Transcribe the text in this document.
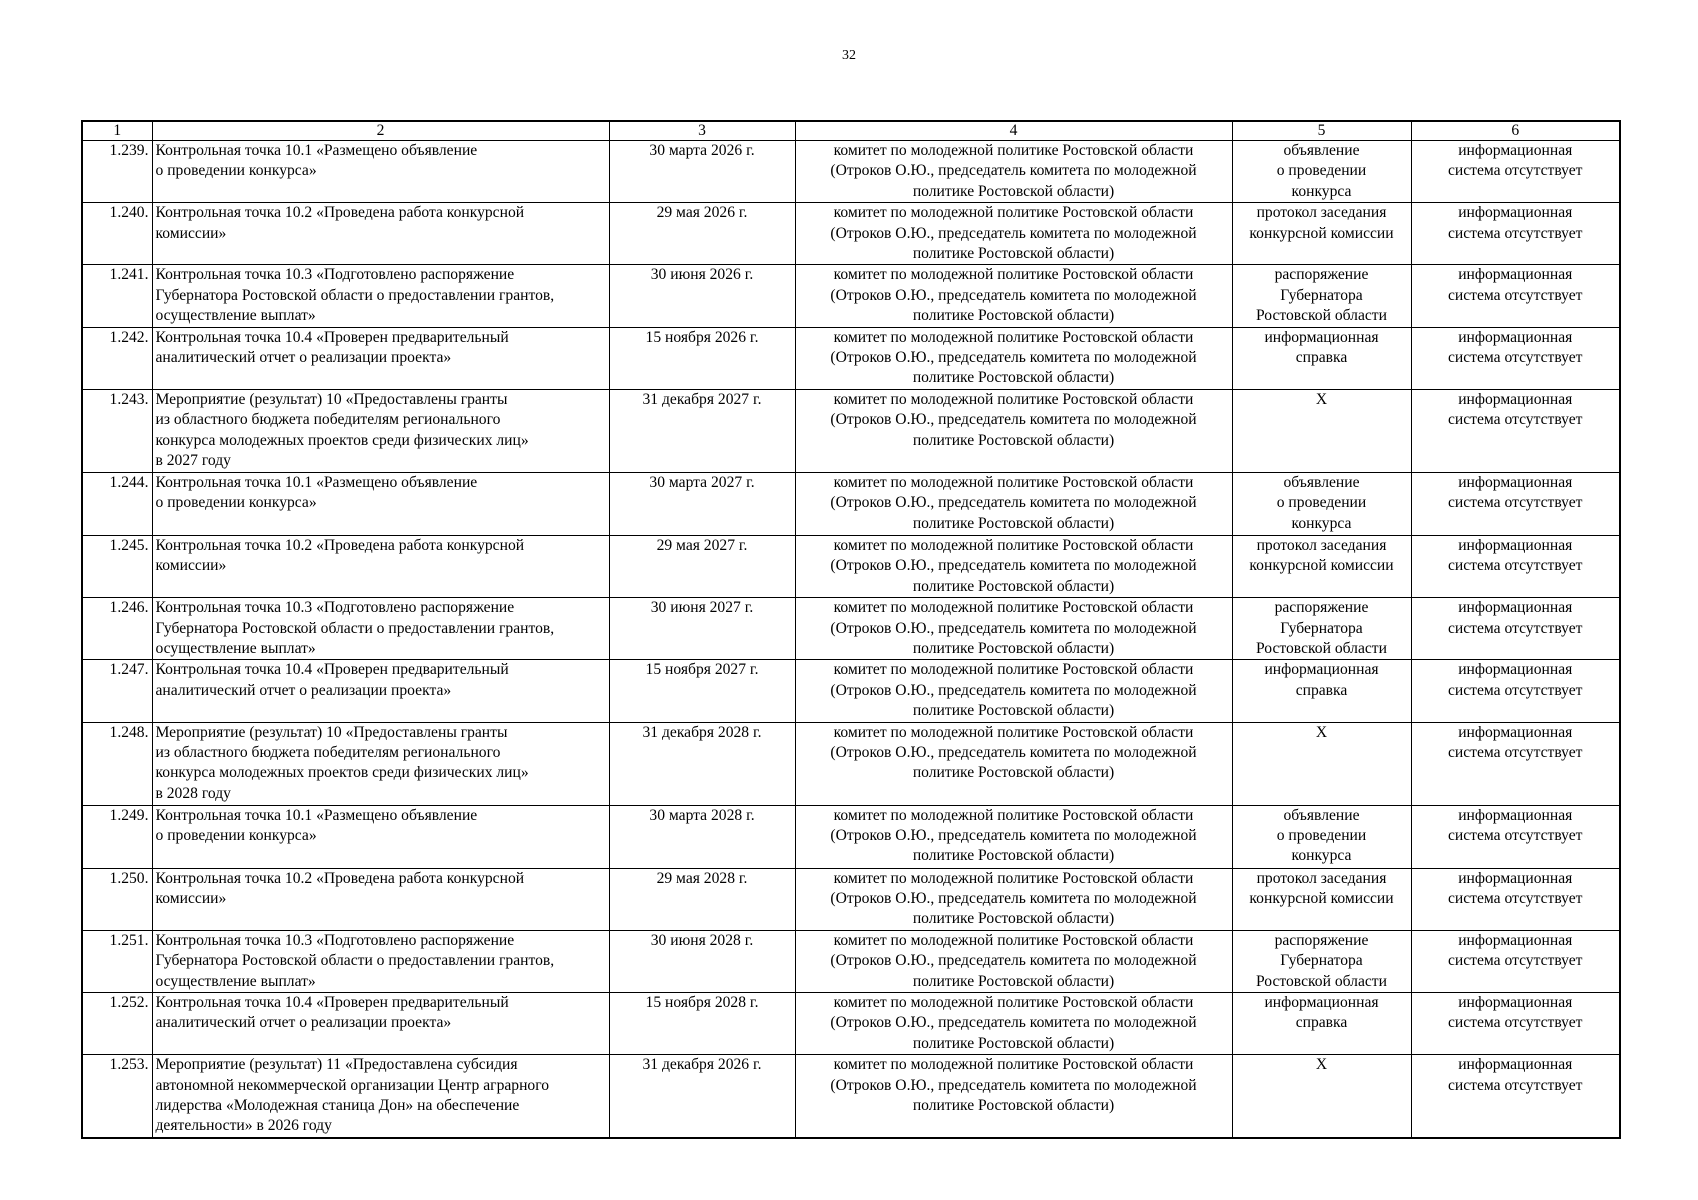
32
1	2	3	4	5	6
1.239.	Контрольная точка 10.1 «Размещено объявление
о проведении конкурса»	30 марта 2026 г.	комитет по молодежной политике Ростовской области
(Отроков О.Ю., председатель комитета по молодежной
политике Ростовской области)	объявление
о проведении
конкурса	информационная
система отсутствует

1.240.	Контрольная точка 10.2 «Проведена работа конкурсной
комиссии»	29 мая 2026 г.	комитет по молодежной политике Ростовской области
(Отроков О.Ю., председатель комитета по молодежной
политике Ростовской области)	протокол заседания
конкурсной комиссии	информационная
система отсутствует

1.241.	Контрольная точка 10.3 «Подготовлено распоряжение
Губернатора Ростовской области о предоставлении грантов,
осуществление выплат»	30 июня 2026 г.	комитет по молодежной политике Ростовской области
(Отроков О.Ю., председатель комитета по молодежной
политике Ростовской области)	распоряжение
Губернатора
Ростовской области	информационная
система отсутствует

1.242.	Контрольная точка 10.4 «Проверен предварительный
аналитический отчет о реализации проекта»	15 ноября 2026 г.	комитет по молодежной политике Ростовской области
(Отроков О.Ю., председатель комитета по молодежной
политике Ростовской области)	информационная
справка	информационная
система отсутствует

1.243.	Мероприятие (результат) 10 «Предоставлены гранты
из областного бюджета победителям регионального
конкурса молодежных проектов среди физических лиц»
в 2027 году	31 декабря 2027 г.	комитет по молодежной политике Ростовской области
(Отроков О.Ю., председатель комитета по молодежной
политике Ростовской области)	X	информационная
система отсутствует

1.244.	Контрольная точка 10.1 «Размещено объявление
о проведении конкурса»	30 марта 2027 г.	комитет по молодежной политике Ростовской области
(Отроков О.Ю., председатель комитета по молодежной
политике Ростовской области)	объявление
о проведении
конкурса	информационная
система отсутствует

1.245.	Контрольная точка 10.2 «Проведена работа конкурсной
комиссии»	29 мая 2027 г.	комитет по молодежной политике Ростовской области
(Отроков О.Ю., председатель комитета по молодежной
политике Ростовской области)	протокол заседания
конкурсной комиссии	информационная
система отсутствует

1.246.	Контрольная точка 10.3 «Подготовлено распоряжение
Губернатора Ростовской области о предоставлении грантов,
осуществление выплат»	30 июня 2027 г.	комитет по молодежной политике Ростовской области
(Отроков О.Ю., председатель комитета по молодежной
политике Ростовской области)	распоряжение
Губернатора
Ростовской области	информационная
система отсутствует

1.247.	Контрольная точка 10.4 «Проверен предварительный
аналитический отчет о реализации проекта»	15 ноября 2027 г.	комитет по молодежной политике Ростовской области
(Отроков О.Ю., председатель комитета по молодежной
политике Ростовской области)	информационная
справка	информационная
система отсутствует

1.248.	Мероприятие (результат) 10 «Предоставлены гранты
из областного бюджета победителям регионального
конкурса молодежных проектов среди физических лиц»
в 2028 году	31 декабря 2028 г.	комитет по молодежной политике Ростовской области
(Отроков О.Ю., председатель комитета по молодежной
политике Ростовской области)	X	информационная
система отсутствует

1.249.	Контрольная точка 10.1 «Размещено объявление
о проведении конкурса»	30 марта 2028 г.	комитет по молодежной политике Ростовской области
(Отроков О.Ю., председатель комитета по молодежной
политике Ростовской области)	объявление
о проведении
конкурса	информационная
система отсутствует

1.250.	Контрольная точка 10.2 «Проведена работа конкурсной
комиссии»	29 мая 2028 г.	комитет по молодежной политике Ростовской области
(Отроков О.Ю., председатель комитета по молодежной
политике Ростовской области)	протокол заседания
конкурсной комиссии	информационная
система отсутствует

1.251.	Контрольная точка 10.3 «Подготовлено распоряжение
Губернатора Ростовской области о предоставлении грантов,
осуществление выплат»	30 июня 2028 г.	комитет по молодежной политике Ростовской области
(Отроков О.Ю., председатель комитета по молодежной
политике Ростовской области)	распоряжение
Губернатора
Ростовской области	информационная
система отсутствует

1.252.	Контрольная точка 10.4 «Проверен предварительный
аналитический отчет о реализации проекта»	15 ноября 2028 г.	комитет по молодежной политике Ростовской области
(Отроков О.Ю., председатель комитета по молодежной
политике Ростовской области)	информационная
справка	информационная
система отсутствует

1.253.	Мероприятие (результат) 11 «Предоставлена субсидия
автономной некоммерческой организации Центр аграрного
лидерства «Молодежная станица Дон» на обеспечение
деятельности» в 2026 году	31 декабря 2026 г.	комитет по молодежной политике Ростовской области
(Отроков О.Ю., председатель комитета по молодежной
политике Ростовской области)	X	информационная
система отсутствует
